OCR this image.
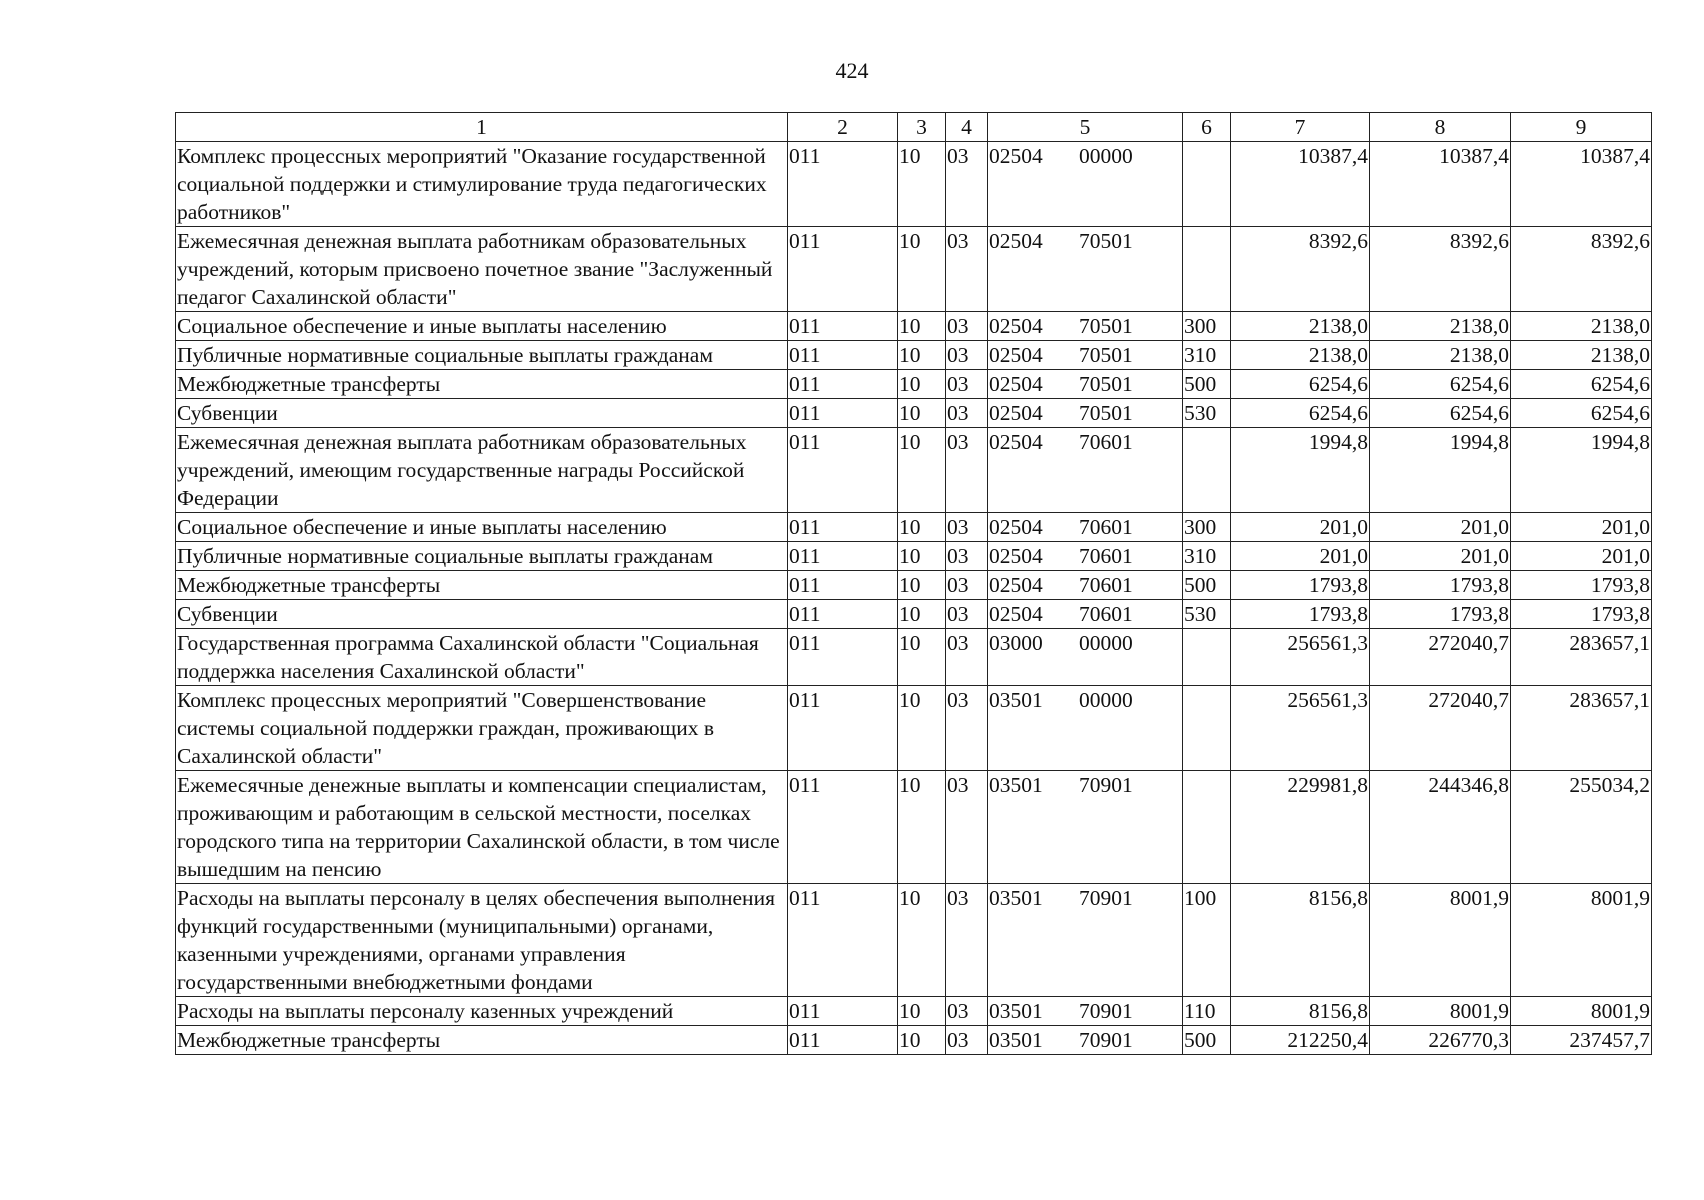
424
1	2	3	4	5	6	7	8	9
Комплекс процессных мероприятий "Оказание государственной социальной поддержки и стимулирование труда педагогических работников"	011	10	03	02504 00000		10387,4	10387,4	10387,4
Ежемесячная денежная выплата работникам образовательных учреждений, которым присвоено почетное звание "Заслуженный педагог Сахалинской области"	011	10	03	02504 70501		8392,6	8392,6	8392,6
Социальное обеспечение и иные выплаты населению	011	10	03	02504 70501	300	2138,0	2138,0	2138,0
Публичные нормативные социальные выплаты гражданам	011	10	03	02504 70501	310	2138,0	2138,0	2138,0
Межбюджетные трансферты	011	10	03	02504 70501	500	6254,6	6254,6	6254,6
Субвенции	011	10	03	02504 70501	530	6254,6	6254,6	6254,6
Ежемесячная денежная выплата работникам образовательных учреждений, имеющим государственные награды Российской Федерации	011	10	03	02504 70601		1994,8	1994,8	1994,8
Социальное обеспечение и иные выплаты населению	011	10	03	02504 70601	300	201,0	201,0	201,0
Публичные нормативные социальные выплаты гражданам	011	10	03	02504 70601	310	201,0	201,0	201,0
Межбюджетные трансферты	011	10	03	02504 70601	500	1793,8	1793,8	1793,8
Субвенции	011	10	03	02504 70601	530	1793,8	1793,8	1793,8
Государственная программа Сахалинской области "Социальная поддержка населения Сахалинской области"	011	10	03	03000 00000		256561,3	272040,7	283657,1
Комплекс процессных мероприятий "Совершенствование системы социальной поддержки граждан, проживающих в Сахалинской области"	011	10	03	03501 00000		256561,3	272040,7	283657,1
Ежемесячные денежные выплаты и компенсации специалистам, проживающим и работающим в сельской местности, поселках городского типа на территории Сахалинской области, в том числе вышедшим на пенсию	011	10	03	03501 70901		229981,8	244346,8	255034,2
Расходы на выплаты персоналу в целях обеспечения выполнения функций государственными (муниципальными) органами, казенными учреждениями, органами управления государственными внебюджетными фондами	011	10	03	03501 70901	100	8156,8	8001,9	8001,9
Расходы на выплаты персоналу казенных учреждений	011	10	03	03501 70901	110	8156,8	8001,9	8001,9
Межбюджетные трансферты	011	10	03	03501 70901	500	212250,4	226770,3	237457,7
